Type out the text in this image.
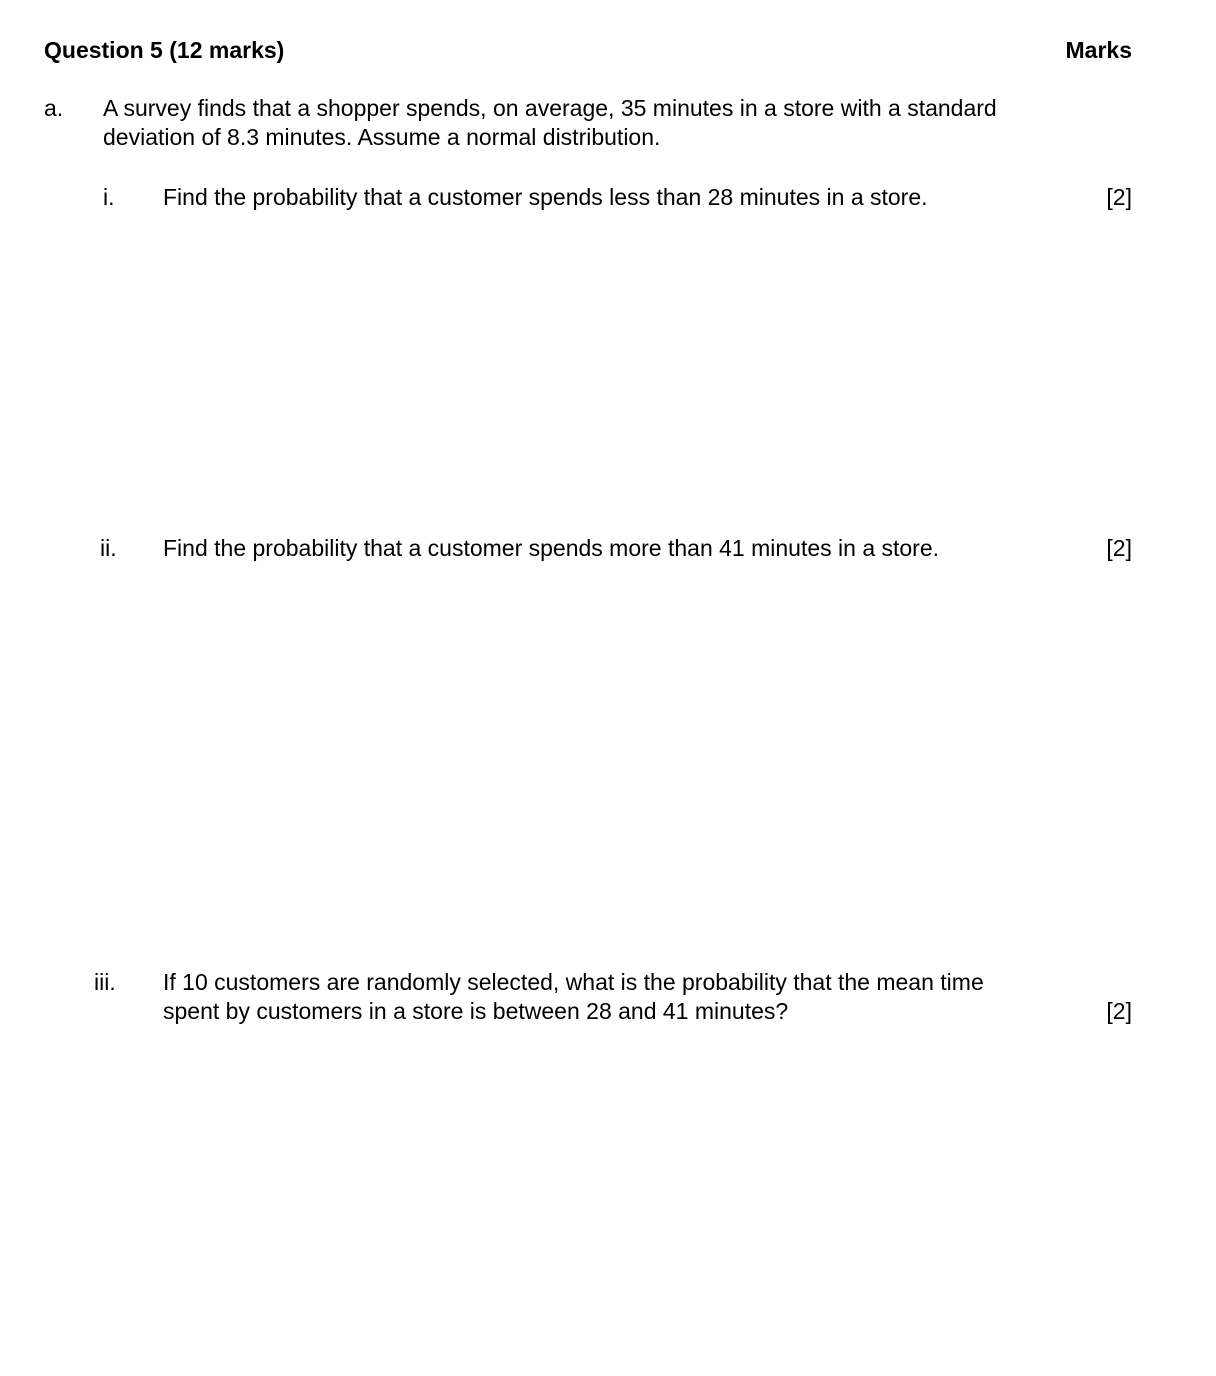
Question 5 (12 marks)	Marks
a. A survey finds that a shopper spends, on average, 35 minutes in a store with a standard
deviation of 8.3 minutes. Assume a normal distribution.
i. Find the probability that a customer spends less than 28 minutes in a store.	[2]
ii. Find the probability that a customer spends more than 41 minutes in a store.	[2]
iii. If 10 customers are randomly selected, what is the probability that the mean time
spent by customers in a store is between 28 and 41 minutes?	[2]
